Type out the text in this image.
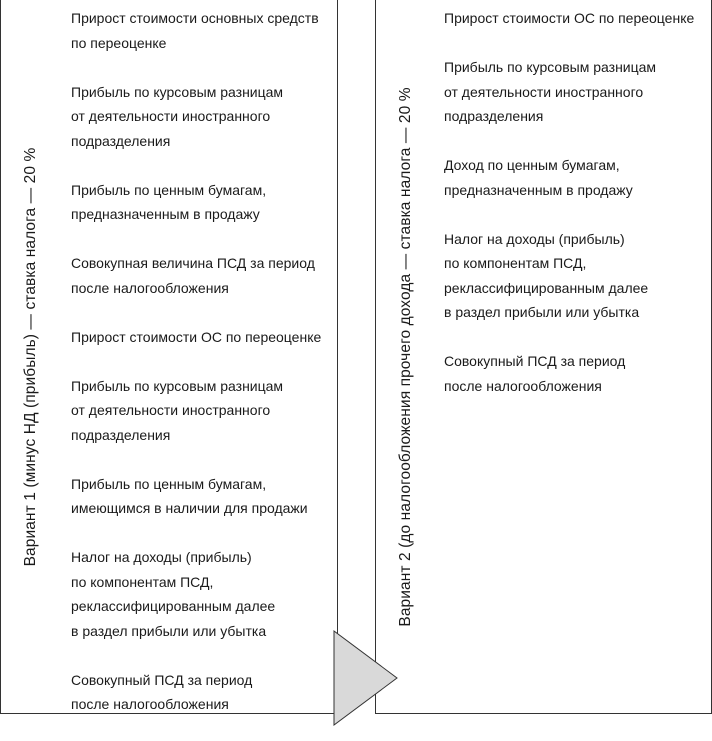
Вариант 1 (минус НД (прибыль) — ставка налога — 20 %
Прирост стоимости основных средств
по переоценке
Прибыль по курсовым разницам
от деятельности иностранного
подразделения
Прибыль по ценным бумагам,
предназначенным в продажу
Совокупная величина ПСД за период
после налогообложения
Прирост стоимости ОС по переоценке
Прибыль по курсовым разницам
от деятельности иностранного
подразделения
Прибыль по ценным бумагам,
имеющимся в наличии для продажи
Налог на доходы (прибыль)
по компонентам ПСД,
реклассифицированным далее
в раздел прибыли или убытка
Совокупный ПСД за период
после налогообложения
Вариант 2 (до налогообложения прочего дохода — ставка налога — 20 %
Прирост стоимости ОС по переоценке
Прибыль по курсовым разницам
от деятельности иностранного
подразделения
Доход по ценным бумагам,
предназначенным в продажу
Налог на доходы (прибыль)
по компонентам ПСД,
реклассифицированным далее
в раздел прибыли или убытка
Совокупный ПСД за период
после налогообложения
